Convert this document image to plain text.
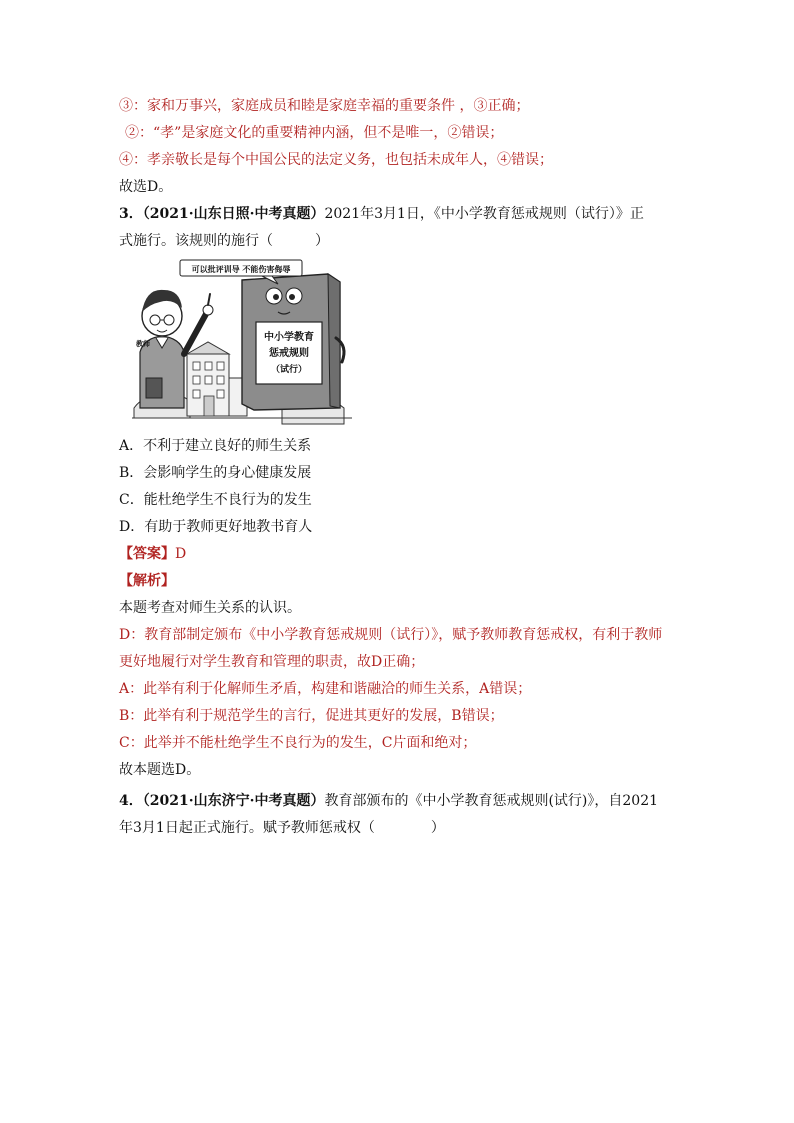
③：家和万事兴，家庭成员和睦是家庭幸福的重要条件 ，③正确；
②：“孝”是家庭文化的重要精神内涵，但不是唯一，②错误；
④：孝亲敬长是每个中国公民的法定义务，也包括未成年人，④错误；
故选D。
3．（2021·山东日照·中考真题）2021年3月1日，《中小学教育惩戒规则（试行）》正
式施行。该规则的施行（　　　）
中小学教育
惩戒规则
（试行）
可以批评训导 不能伤害侮辱
教师
A．不利于建立良好的师生关系
B．会影响学生的身心健康发展
C．能杜绝学生不良行为的发生
D．有助于教师更好地教书育人
【答案】D
【解析】
本题考查对师生关系的认识。
D：教育部制定颁布《中小学教育惩戒规则（试行）》，赋予教师教育惩戒权，有利于教师
更好地履行对学生教育和管理的职责，故D正确；
A：此举有利于化解师生矛盾，构建和谐融洽的师生关系，A错误；
B：此举有利于规范学生的言行，促进其更好的发展，B错误；
C：此举并不能杜绝学生不良行为的发生，C片面和绝对；
故本题选D。
4．（2021·山东济宁·中考真题）教育部颁布的《中小学教育惩戒规则(试行)》，自2021
年3月1日起正式施行。赋予教师惩戒权（　　　　）
